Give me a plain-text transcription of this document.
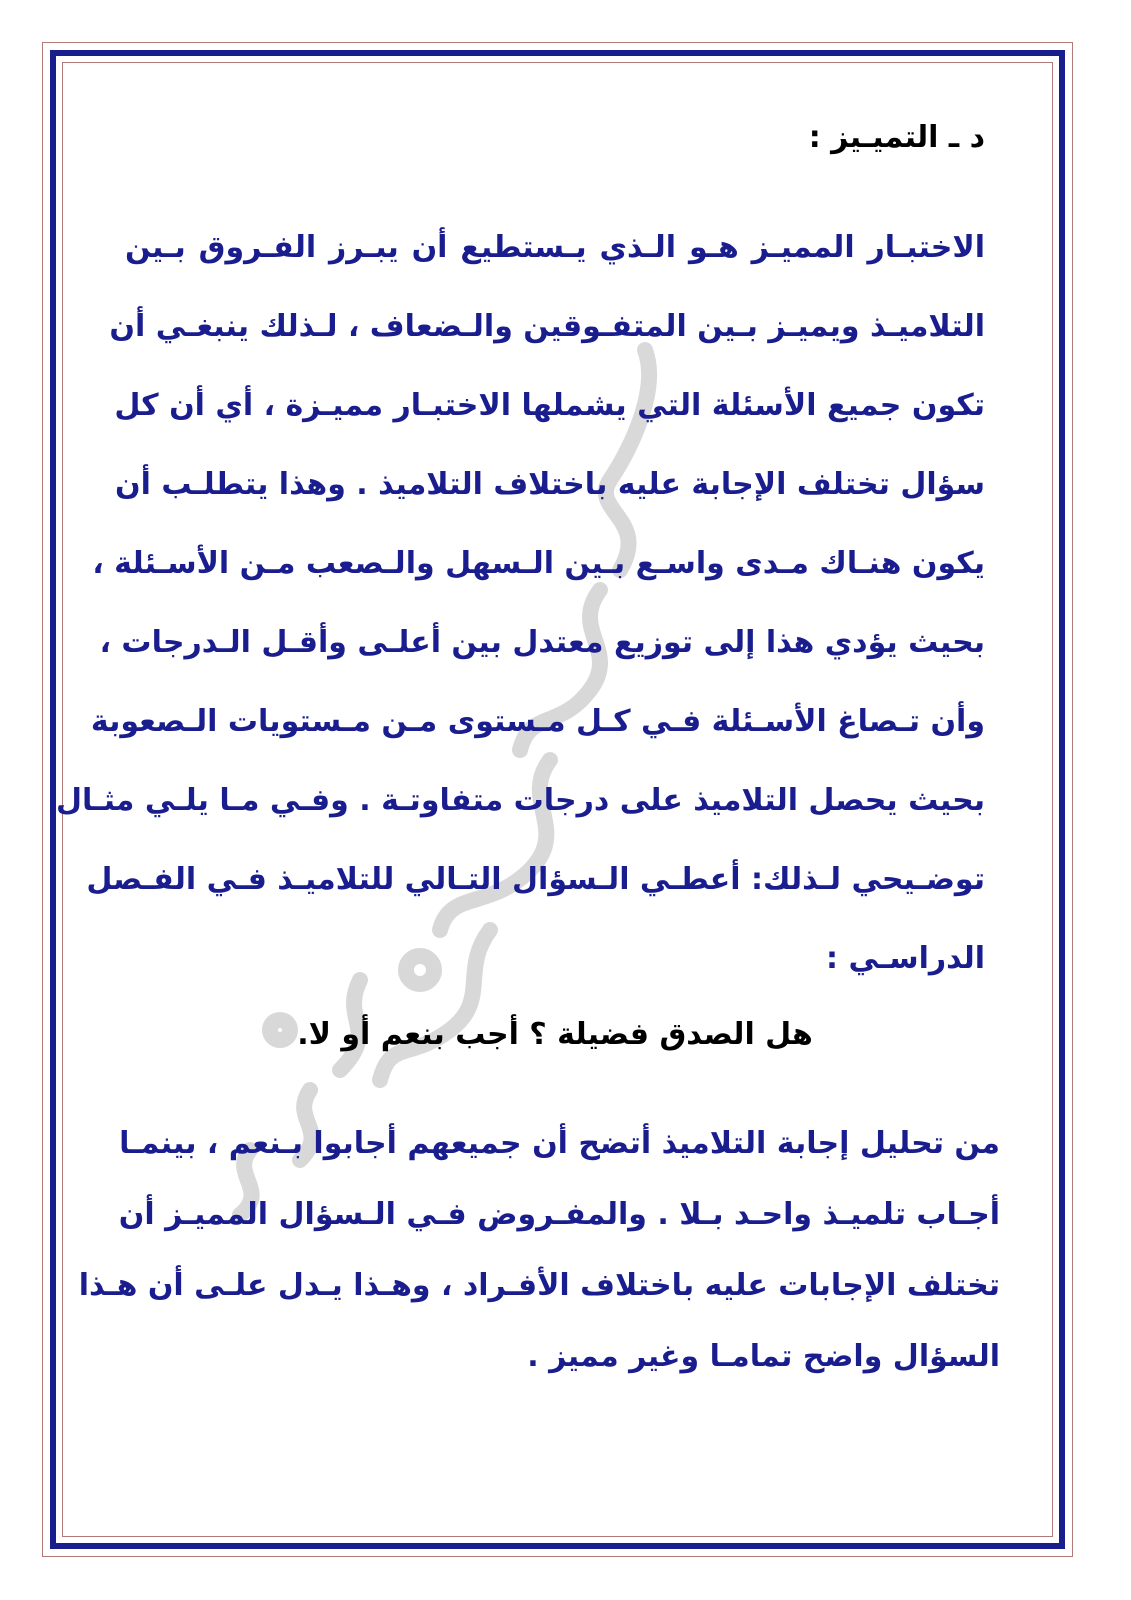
د ـ التميـيز :
الاختبـار المميـز هـو الـذي يـستطيع أن يبـرز الفـروق بـين
التلاميـذ ويميـز بـين المتفـوقين والـضعاف ، لـذلك ينبغـي أن
تكون جميع الأسئلة التي يشملها الاختبـار مميـزة ، أي أن كل
سؤال تختلف الإجابة عليه باختلاف التلاميذ . وهذا يتطلـب أن
يكون هنـاك مـدى واسـع بـين الـسهل والـصعب مـن الأسـئلة ،
بحيث يؤدي هذا إلى توزيع معتدل بين أعلـى وأقـل الـدرجات ،
وأن تـصاغ الأسـئلة فـي كـل مـستوى مـن مـستويات الـصعوبة
بحيث يحصل التلاميذ على درجات متفاوتـة . وفـي مـا يلـي مثـال
توضـيحي لـذلك: أعطـي الـسؤال التـالي للتلاميـذ فـي الفـصل
الدراسـي :
هل الصدق فضيلة ؟ أجب بنعم أو لا.
من تحليل إجابة التلاميذ أتضح أن جميعهم أجابوا بـنعم ، بينمـا
أجـاب تلميـذ واحـد بـلا . والمفـروض فـي الـسؤال المميـز أن
تختلف الإجابات عليه باختلاف الأفـراد ، وهـذا يـدل علـى أن هـذا
السؤال واضح تمامـا وغير مميز .
